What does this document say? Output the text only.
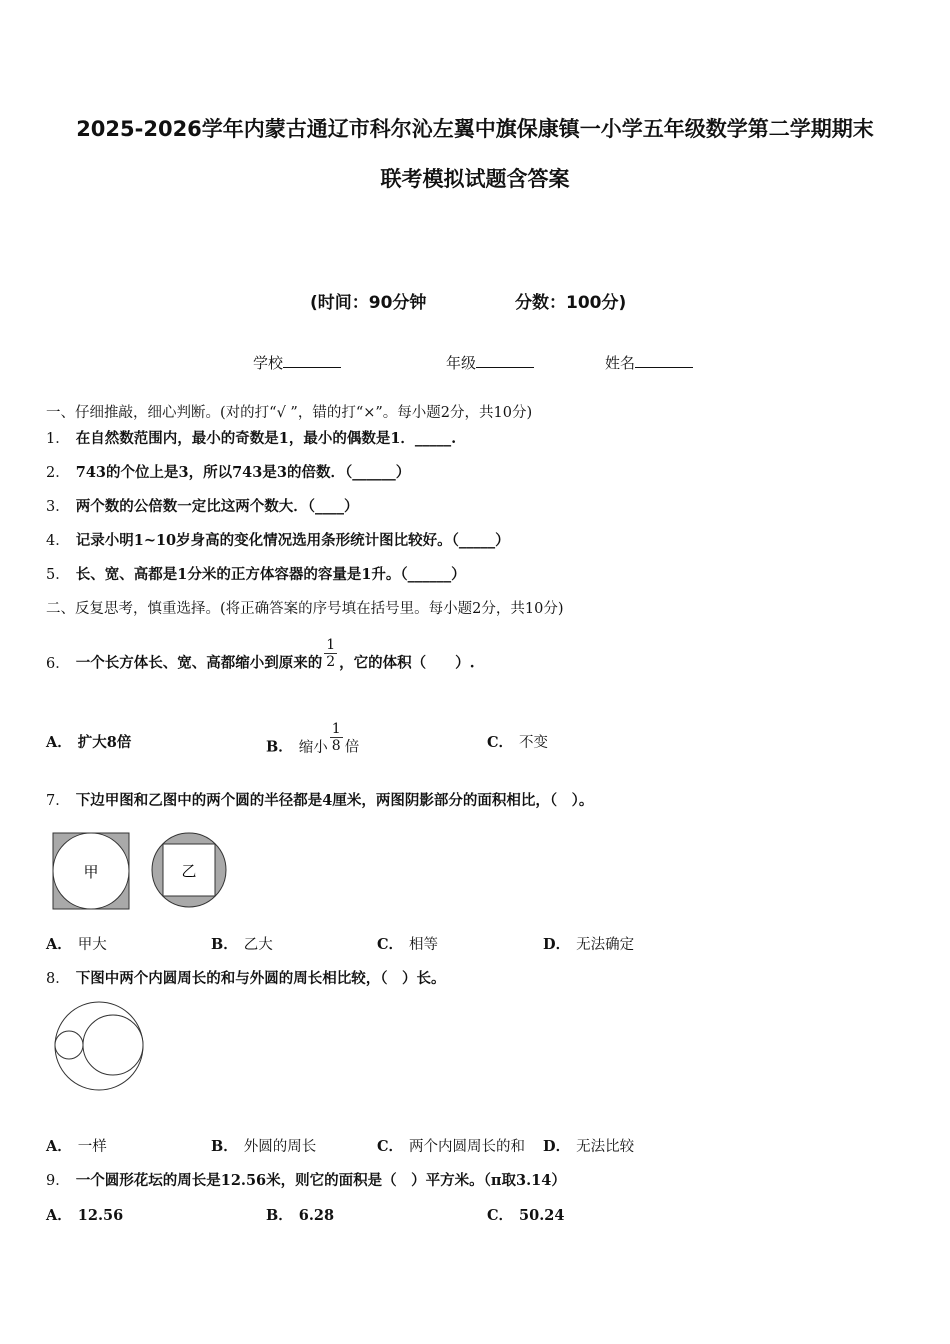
2025-2026学年内蒙古通辽市科尔沁左翼中旗保康镇一小学五年级数学第二学期期末
联考模拟试题含答案
(时间：90分钟	分数：100分)
学校	年级	姓名
一、仔细推敲，细心判断。(对的打“√ ”，错的打“×”。每小题2分，共10分)
1． 在自然数范围内，最小的奇数是1，最小的偶数是1．_____.
2． 743的个位上是3，所以743是3的倍数．（______）
3． 两个数的公倍数一定比这两个数大．（____）
4． 记录小明1~10岁身高的变化情况选用条形统计图比较好。（_____）
5． 长、宽、高都是1分米的正方体容器的容量是1升。（______）
二、反复思考，慎重选择。(将正确答案的序号填在括号里。每小题2分，共10分)
6． 一个长方体长、宽、高都缩小到原来的 $\frac{1}{2}$ ，它的体积（　　）.
A． 扩大8倍	B． 缩小 $\frac{1}{8}$ 倍	C． 不变
7． 下边甲图和乙图中的两个圆的半径都是4厘米，两图阴影部分的面积相比，（　）。
甲	乙
A． 甲大	B． 乙大	C． 相等	D． 无法确定
8． 下图中两个内圆周长的和与外圆的周长相比较，（　）长。
A． 一样	B． 外圆的周长	C． 两个内圆周长的和 D． 无法比较
9． 一个圆形花坛的周长是12.56米，则它的面积是（　）平方米。（π取3.14）
A． 12.56	B． 6.28	C． 50.24
